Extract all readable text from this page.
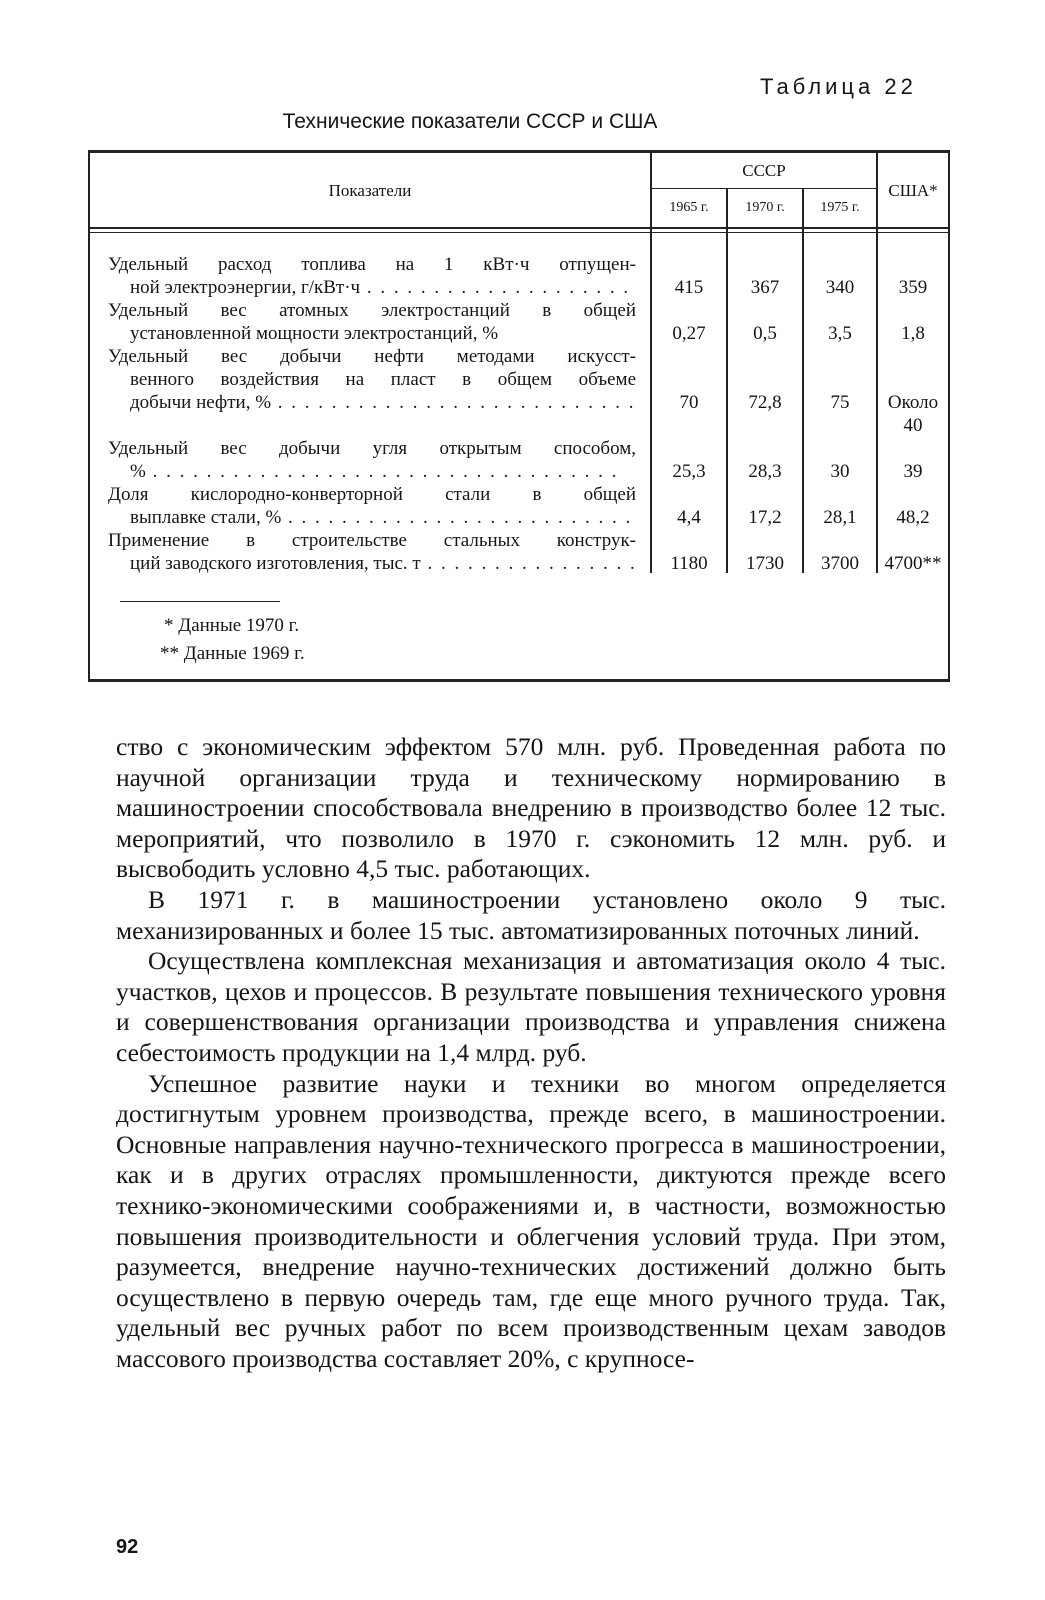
Таблица 22
Технические показатели СССР и США
Показатели
СССР
США*
1965 г.	1970 г.	1975 г.
Удельный расход топлива на 1 кВт·ч отпущен-
ной электроэнергии, г/кВт·ч . . .	415	367	340	359
Удельный вес атомных электростанций в общей
установленной мощности электростанций, %	0,27	0,5	3,5	1,8
Удельный вес добычи нефти методами искусст-
венного воздействия на пласт в общем объеме
добычи нефти, % . . .	70	72,8	75	Около 40
Удельный вес добычи угля открытым способом,
% . . .	25,3	28,3	30	39
Доля кислородно-конверторной стали в общей
выплавке стали, % . . .	4,4	17,2	28,1	48,2
Применение в строительстве стальных конструк-
ций заводского изготовления, тыс. т . . .	1180	1730	3700	4700**
* Данные 1970 г.
** Данные 1969 г.

ство с экономическим эффектом 570 млн. руб. Проведенная работа по научной организации труда и техническому нормированию в машиностроении способствовала внедрению в производство более 12 тыс. мероприятий, что позволило в 1970 г. сэкономить 12 млн. руб. и высвободить условно 4,5 тыс. работающих.

В 1971 г. в машиностроении установлено около 9 тыс. механизированных и более 15 тыс. автоматизированных поточных линий.

Осуществлена комплексная механизация и автоматизация около 4 тыс. участков, цехов и процессов. В результате повышения технического уровня и совершенствования организации производства и управления снижена себестоимость продукции на 1,4 млрд. руб.

Успешное развитие науки и техники во многом определяется достигнутым уровнем производства, прежде всего, в машиностроении. Основные направления научно-технического прогресса в машиностроении, как и в других отраслях промышленности, диктуются прежде всего технико-экономическими соображениями и, в частности, возможностью повышения производительности и облегчения условий труда. При этом, разумеется, внедрение научно-технических достижений должно быть осуществлено в первую очередь там, где еще много ручного труда. Так, удельный вес ручных работ по всем производственным цехам заводов массового производства составляет 20%, с крупносе-

92
